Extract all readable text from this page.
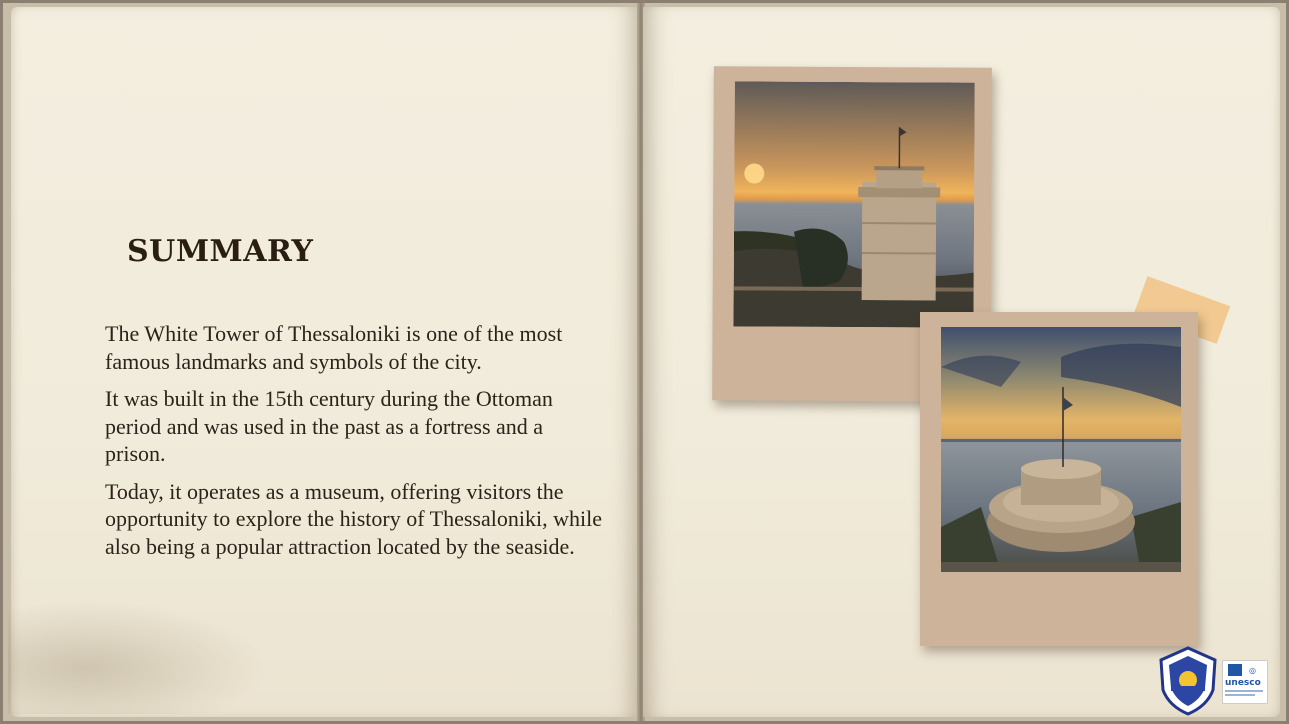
SUMMARY

The White Tower of Thessaloniki is one of the most famous landmarks and symbols of the city.

It was built in the 15th century during the Ottoman period and was used in the past as a fortress and a prison.

Today, it operates as a museum, offering visitors the opportunity to explore the history of Thessaloniki, while also being a popular attraction located by the seaside.

◎
unesco
